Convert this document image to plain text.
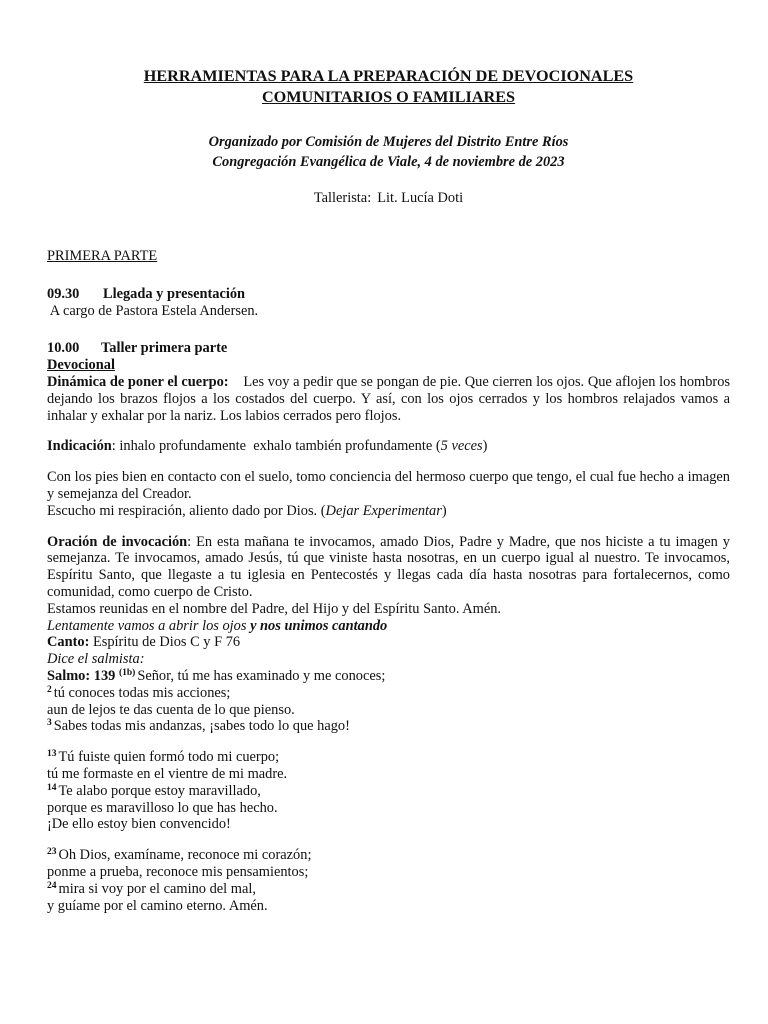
HERRAMIENTAS PARA LA PREPARACIÓN DE DEVOCIONALES
COMUNITARIOS O FAMILIARES
Organizado por Comisión de Mujeres del Distrito Entre Ríos
Congregación Evangélica de Viale, 4 de noviembre de 2023
Tallerista: Lit. Lucía Doti
PRIMERA PARTE
09.30 Llegada y presentación
A cargo de Pastora Estela Andersen.
10.00 Taller primera parte
Devocional

Dinámica de poner el cuerpo: Les voy a pedir que se pongan de pie. Que cierren los ojos. Que aflojen los hombros dejando los brazos flojos a los costados del cuerpo. Y así, con los ojos cerrados y los hombros relajados vamos a inhalar y exhalar por la nariz. Los labios cerrados pero flojos.

Indicación: inhalo profundamente  exhalo también profundamente (5 veces)

Con los pies bien en contacto con el suelo, tomo conciencia del hermoso cuerpo que tengo, el cual fue hecho a imagen y semejanza del Creador.

Escucho mi respiración, aliento dado por Dios. (Dejar Experimentar)

Oración de invocación: En esta mañana te invocamos, amado Dios, Padre y Madre, que nos hiciste a tu imagen y semejanza. Te invocamos, amado Jesús, tú que viniste hasta nosotras, en un cuerpo igual al nuestro. Te invocamos, Espíritu Santo, que llegaste a tu iglesia en Pentecostés y llegas cada día hasta nosotras para fortalecernos, como comunidad, como cuerpo de Cristo.

Estamos reunidas en el nombre del Padre, del Hijo y del Espíritu Santo. Amén.

Lentamente vamos a abrir los ojos y nos unimos cantando

Canto: Espíritu de Dios C y F 76

Dice el salmista:

Salmo: 139 $^{(1b)}$ Señor, tú me has examinado y me conoces;

$^2$ tú conoces todas mis acciones;

aun de lejos te das cuenta de lo que pienso.

$^3$ Sabes todas mis andanzas, ¡sabes todo lo que hago!

$^{13}$ Tú fuiste quien formó todo mi cuerpo;

tú me formaste en el vientre de mi madre.

$^{14}$ Te alabo porque estoy maravillado,

porque es maravilloso lo que has hecho.

¡De ello estoy bien convencido!

$^{23}$ Oh Dios, examíname, reconoce mi corazón;

ponme a prueba, reconoce mis pensamientos;

$^{24}$ mira si voy por el camino del mal,

y guíame por el camino eterno. Amén.
